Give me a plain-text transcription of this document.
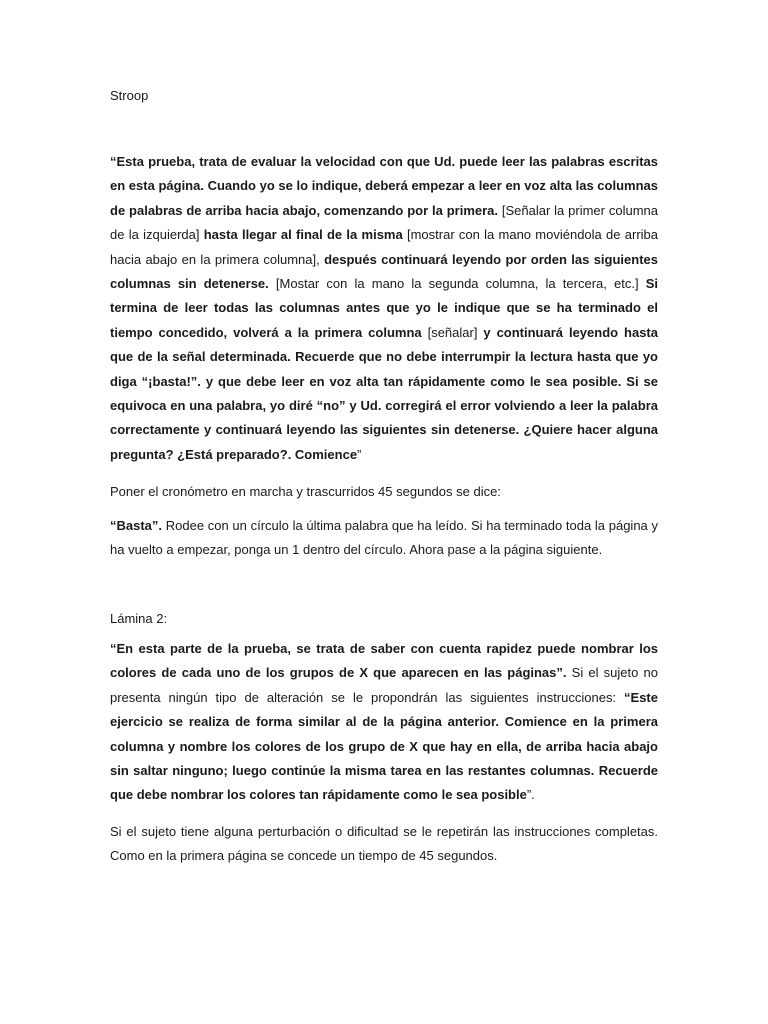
Stroop

“Esta prueba, trata de evaluar la velocidad con que Ud. puede leer las palabras escritas en esta página. Cuando yo se lo indique, deberá empezar a leer en voz alta las columnas de palabras de arriba hacia abajo, comenzando por la primera. [Señalar la primer columna de la izquierda] hasta llegar al final de la misma [mostrar con la mano moviéndola de arriba hacia abajo en la primera columna], después continuará leyendo por orden las siguientes columnas sin detenerse. [Mostar con la mano la segunda columna, la tercera, etc.] Si termina de leer todas las columnas antes que yo le indique que se ha terminado el tiempo concedido, volverá a la primera columna [señalar] y continuará leyendo hasta que de la señal determinada. Recuerde que no debe interrumpir la lectura hasta que yo diga “¡basta!”. y que debe leer en voz alta tan rápidamente como le sea posible. Si se equivoca en una palabra, yo diré “no” y Ud. corregirá el error volviendo a leer la palabra correctamente y continuará leyendo las siguientes sin detenerse. ¿Quiere hacer alguna pregunta? ¿Está preparado?. Comience”

Poner el cronómetro en marcha y trascurridos 45 segundos se dice:

“Basta”. Rodee con un círculo la última palabra que ha leído. Si ha terminado toda la página y ha vuelto a empezar, ponga un 1 dentro del círculo. Ahora pase a la página siguiente.

Lámina 2:

“En esta parte de la prueba, se trata de saber con cuenta rapidez puede nombrar los colores de cada uno de los grupos de X que aparecen en las páginas”. Si el sujeto no presenta ningún tipo de alteración se le propondrán las siguientes instrucciones: “Este ejercicio se realiza de forma similar al de la página anterior. Comience en la primera columna y nombre los colores de los grupo de X que hay en ella, de arriba hacia abajo sin saltar ninguno; luego continúe la misma tarea en las restantes columnas. Recuerde que debe nombrar los colores tan rápidamente como le sea posible”.

Si el sujeto tiene alguna perturbación o dificultad se le repetirán las instrucciones completas. Como en la primera página se concede un tiempo de 45 segundos.
